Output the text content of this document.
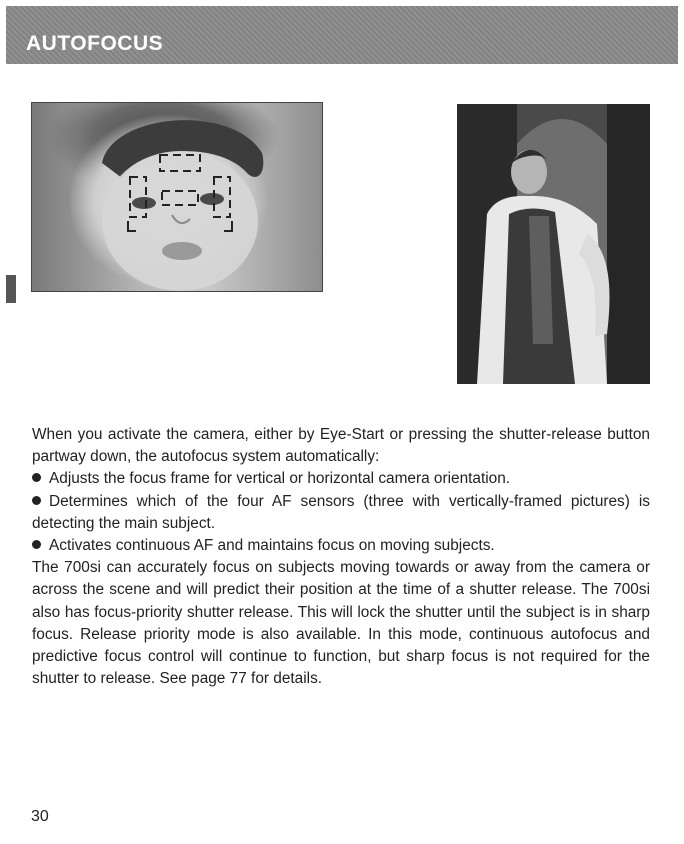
AUTOFOCUS

When you activate the camera, either by Eye-Start or pressing the shutter-release button partway down, the autofocus system automatically:

Adjusts the focus frame for vertical or horizontal camera orientation.

Determines which of the four AF sensors (three with vertically-framed pictures) is detecting the main subject.

Activates continuous AF and maintains focus on moving subjects.

The 700si can accurately focus on subjects moving towards or away from the camera or across the scene and will predict their position at the time of a shutter release. The 700si also has focus-priority shutter release. This will lock the shutter until the subject is in sharp focus. Release priority mode is also available. In this mode, continuous autofocus and predictive focus control will continue to function, but sharp focus is not required for the shutter to release. See page 77 for details.

30
